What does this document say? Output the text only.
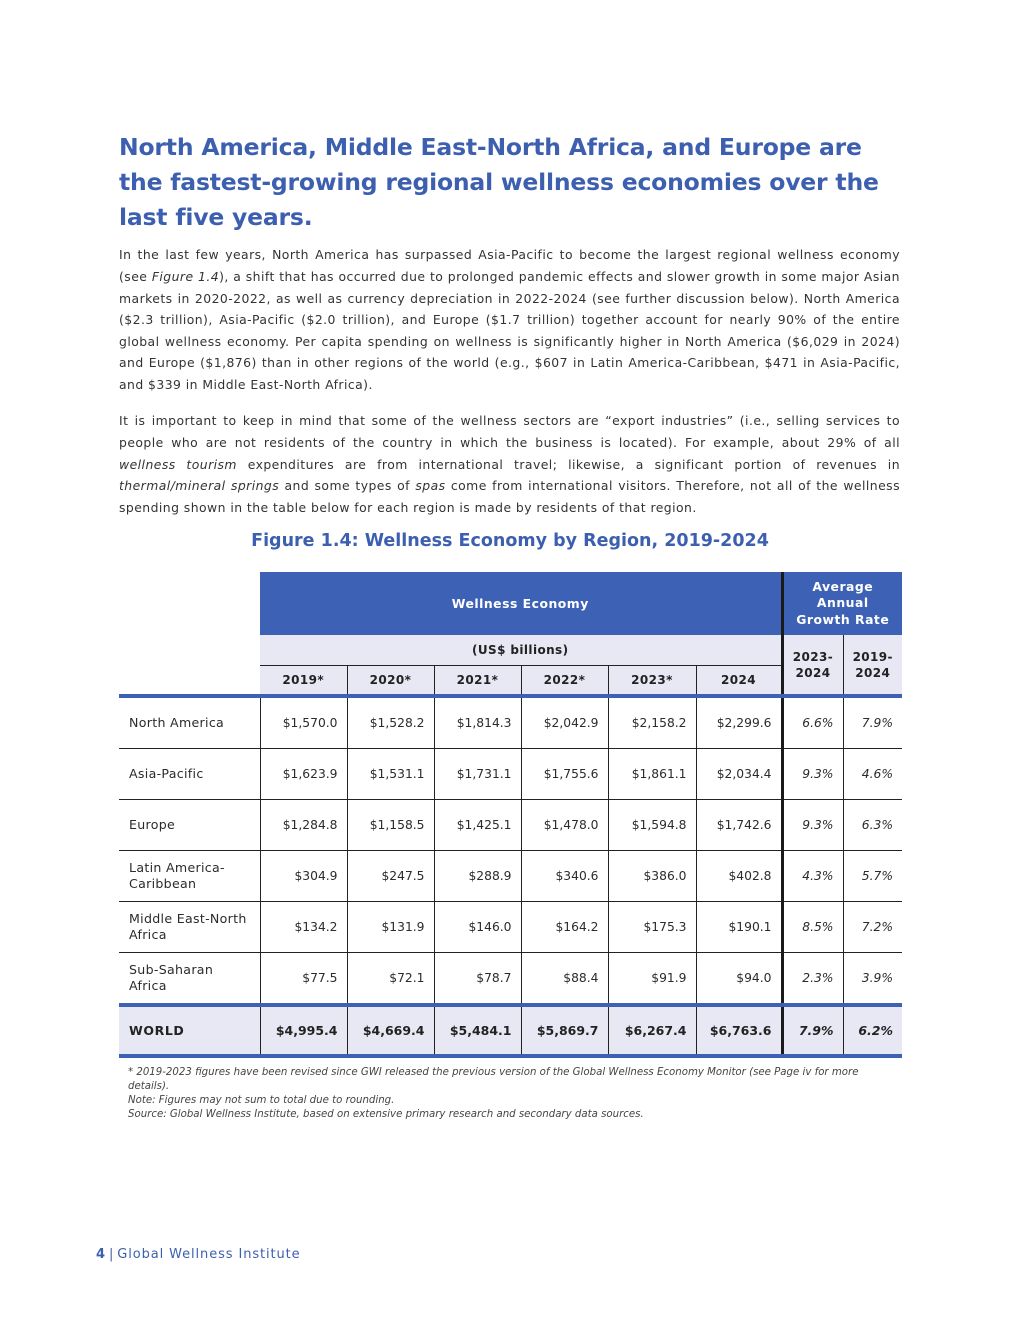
North America, Middle East-North Africa, and Europe are the fastest-growing regional wellness economies over the last five years.

In the last few years, North America has surpassed Asia-Pacific to become the largest regional wellness economy (see Figure 1.4), a shift that has occurred due to prolonged pandemic effects and slower growth in some major Asian markets in 2020-2022, as well as currency depreciation in 2022-2024 (see further discussion below). North America ($2.3 trillion), Asia-Pacific ($2.0 trillion), and Europe ($1.7 trillion) together account for nearly 90% of the entire global wellness economy. Per capita spending on wellness is significantly higher in North America ($6,029 in 2024) and Europe ($1,876) than in other regions of the world (e.g., $607 in Latin America-Caribbean, $471 in Asia-Pacific, and $339 in Middle East-North Africa).

It is important to keep in mind that some of the wellness sectors are “export industries” (i.e., selling services to people who are not residents of the country in which the business is located). For example, about 29% of all wellness tourism expenditures are from international travel; likewise, a significant portion of revenues in thermal/mineral springs and some types of spas come from international visitors. Therefore, not all of the wellness spending shown in the table below for each region is made by residents of that region.

Figure 1.4: Wellness Economy by Region, 2019-2024
	Wellness Economy						Average Annual Growth Rate	
	(US$ billions)						2023-2024	2019-2024
	2019*	2020*	2021*	2022*	2023*	2024		

North America	$1,570.0	$1,528.2	$1,814.3	$2,042.9	$2,158.2	$2,299.6	6.6%	7.9%
Asia-Pacific	$1,623.9	$1,531.1	$1,731.1	$1,755.6	$1,861.1	$2,034.4	9.3%	4.6%
Europe	$1,284.8	$1,158.5	$1,425.1	$1,478.0	$1,594.8	$1,742.6	9.3%	6.3%
Latin America-Caribbean	$304.9	$247.5	$288.9	$340.6	$386.0	$402.8	4.3%	5.7%
Middle East-North Africa	$134.2	$131.9	$146.0	$164.2	$175.3	$190.1	8.5%	7.2%
Sub-Saharan Africa	$77.5	$72.1	$78.7	$88.4	$91.9	$94.0	2.3%	3.9%

WORLD	$4,995.4	$4,669.4	$5,484.1	$5,869.7	$6,267.4	$6,763.6	7.9%	6.2%

* 2019-2023 figures have been revised since GWI released the previous version of the Global Wellness Economy Monitor (see Page iv for more details).
Note: Figures may not sum to total due to rounding.
Source: Global Wellness Institute, based on extensive primary research and secondary data sources.
4 | Global Wellness Institute
